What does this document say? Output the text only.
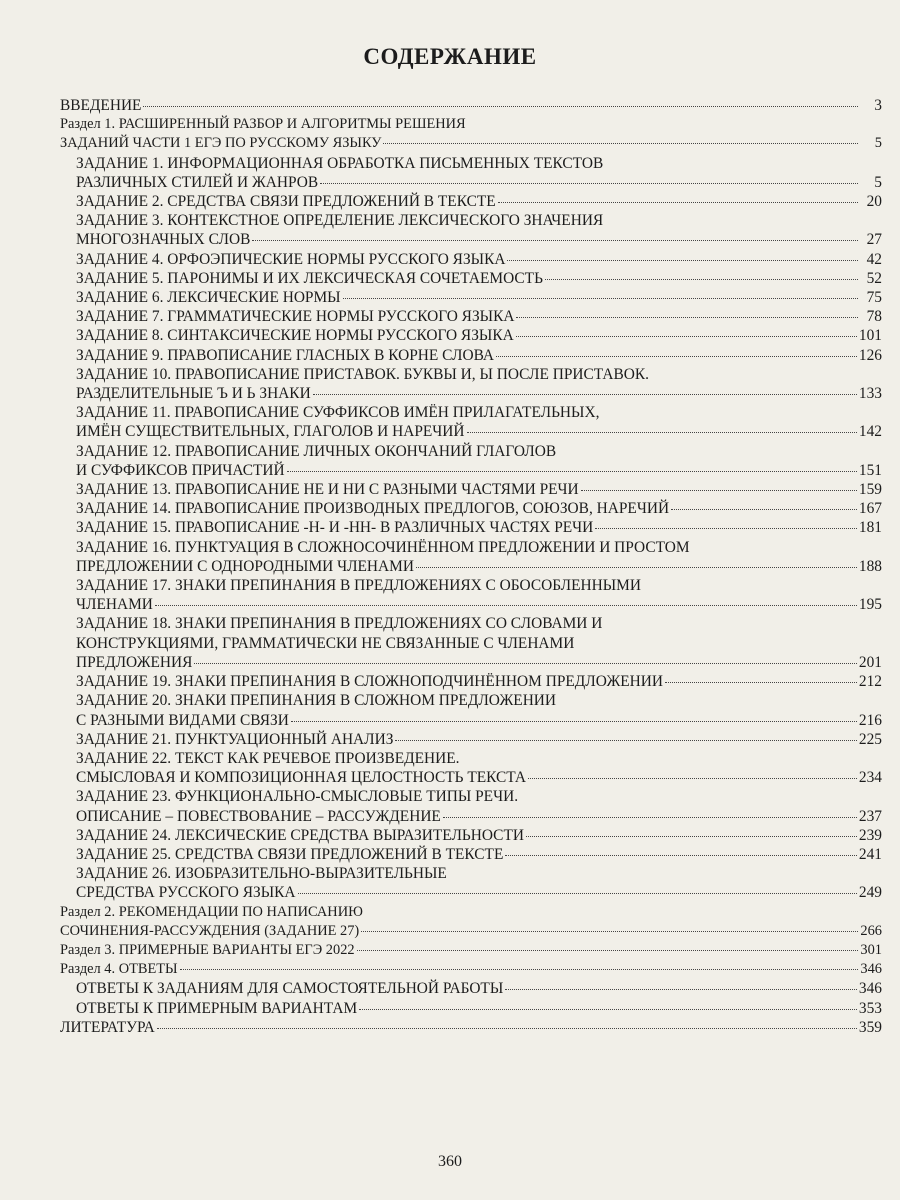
СОДЕРЖАНИЕ
ВВЕДЕНИЕ	3
Раздел 1. РАСШИРЕННЫЙ РАЗБОР И АЛГОРИТМЫ РЕШЕНИЯ
ЗАДАНИЙ ЧАСТИ 1 ЕГЭ ПО РУССКОМУ ЯЗЫКУ	5
ЗАДАНИЕ 1. ИНФОРМАЦИОННАЯ ОБРАБОТКА ПИСЬМЕННЫХ ТЕКСТОВ
РАЗЛИЧНЫХ СТИЛЕЙ И ЖАНРОВ	5
ЗАДАНИЕ 2. СРЕДСТВА СВЯЗИ ПРЕДЛОЖЕНИЙ В ТЕКСТЕ	20
ЗАДАНИЕ 3. КОНТЕКСТНОЕ ОПРЕДЕЛЕНИЕ ЛЕКСИЧЕСКОГО ЗНАЧЕНИЯ
МНОГОЗНАЧНЫХ СЛОВ	27
ЗАДАНИЕ 4. ОРФОЭПИЧЕСКИЕ НОРМЫ РУССКОГО ЯЗЫКА	42
ЗАДАНИЕ 5. ПАРОНИМЫ И ИХ ЛЕКСИЧЕСКАЯ СОЧЕТАЕМОСТЬ	52
ЗАДАНИЕ 6. ЛЕКСИЧЕСКИЕ НОРМЫ	75
ЗАДАНИЕ 7. ГРАММАТИЧЕСКИЕ НОРМЫ РУССКОГО ЯЗЫКА	78
ЗАДАНИЕ 8. СИНТАКСИЧЕСКИЕ НОРМЫ РУССКОГО ЯЗЫКА	101
ЗАДАНИЕ 9. ПРАВОПИСАНИЕ ГЛАСНЫХ В КОРНЕ СЛОВА	126
ЗАДАНИЕ 10. ПРАВОПИСАНИЕ ПРИСТАВОК. БУКВЫ И, Ы ПОСЛЕ ПРИСТАВОК.
РАЗДЕЛИТЕЛЬНЫЕ Ъ И Ь ЗНАКИ	133
ЗАДАНИЕ 11. ПРАВОПИСАНИЕ СУФФИКСОВ ИМЁН ПРИЛАГАТЕЛЬНЫХ,
ИМЁН СУЩЕСТВИТЕЛЬНЫХ, ГЛАГОЛОВ И НАРЕЧИЙ	142
ЗАДАНИЕ 12. ПРАВОПИСАНИЕ ЛИЧНЫХ ОКОНЧАНИЙ ГЛАГОЛОВ
И СУФФИКСОВ ПРИЧАСТИЙ	151
ЗАДАНИЕ 13. ПРАВОПИСАНИЕ НЕ И НИ С РАЗНЫМИ ЧАСТЯМИ РЕЧИ	159
ЗАДАНИЕ 14. ПРАВОПИСАНИЕ ПРОИЗВОДНЫХ ПРЕДЛОГОВ, СОЮЗОВ, НАРЕЧИЙ	167
ЗАДАНИЕ 15. ПРАВОПИСАНИЕ -Н- И -НН- В РАЗЛИЧНЫХ ЧАСТЯХ РЕЧИ	181
ЗАДАНИЕ 16. ПУНКТУАЦИЯ В СЛОЖНОСОЧИНЁННОМ ПРЕДЛОЖЕНИИ И ПРОСТОМ
ПРЕДЛОЖЕНИИ С ОДНОРОДНЫМИ ЧЛЕНАМИ	188
ЗАДАНИЕ 17. ЗНАКИ ПРЕПИНАНИЯ В ПРЕДЛОЖЕНИЯХ С ОБОСОБЛЕННЫМИ
ЧЛЕНАМИ	195
ЗАДАНИЕ 18. ЗНАКИ ПРЕПИНАНИЯ В ПРЕДЛОЖЕНИЯХ СО СЛОВАМИ И
КОНСТРУКЦИЯМИ, ГРАММАТИЧЕСКИ НЕ СВЯЗАННЫЕ С ЧЛЕНАМИ
ПРЕДЛОЖЕНИЯ	201
ЗАДАНИЕ 19. ЗНАКИ ПРЕПИНАНИЯ В СЛОЖНОПОДЧИНЁННОМ ПРЕДЛОЖЕНИИ	212
ЗАДАНИЕ 20. ЗНАКИ ПРЕПИНАНИЯ В СЛОЖНОМ ПРЕДЛОЖЕНИИ
С РАЗНЫМИ ВИДАМИ СВЯЗИ	216
ЗАДАНИЕ 21. ПУНКТУАЦИОННЫЙ АНАЛИЗ	225
ЗАДАНИЕ 22. ТЕКСТ КАК РЕЧЕВОЕ ПРОИЗВЕДЕНИЕ.
СМЫСЛОВАЯ И КОМПОЗИЦИОННАЯ ЦЕЛОСТНОСТЬ ТЕКСТА	234
ЗАДАНИЕ 23. ФУНКЦИОНАЛЬНО-СМЫСЛОВЫЕ ТИПЫ РЕЧИ.
ОПИСАНИЕ – ПОВЕСТВОВАНИЕ – РАССУЖДЕНИЕ	237
ЗАДАНИЕ 24. ЛЕКСИЧЕСКИЕ СРЕДСТВА ВЫРАЗИТЕЛЬНОСТИ	239
ЗАДАНИЕ 25. СРЕДСТВА СВЯЗИ ПРЕДЛОЖЕНИЙ В ТЕКСТЕ	241
ЗАДАНИЕ 26. ИЗОБРАЗИТЕЛЬНО-ВЫРАЗИТЕЛЬНЫЕ
СРЕДСТВА РУССКОГО ЯЗЫКА	249
Раздел 2. РЕКОМЕНДАЦИИ ПО НАПИСАНИЮ
СОЧИНЕНИЯ-РАССУЖДЕНИЯ (ЗАДАНИЕ 27)	266
Раздел 3. ПРИМЕРНЫЕ ВАРИАНТЫ ЕГЭ 2022	301
Раздел 4. ОТВЕТЫ	346
ОТВЕТЫ К ЗАДАНИЯМ ДЛЯ САМОСТОЯТЕЛЬНОЙ РАБОТЫ	346
ОТВЕТЫ К ПРИМЕРНЫМ ВАРИАНТАМ	353
ЛИТЕРАТУРА	359
360
